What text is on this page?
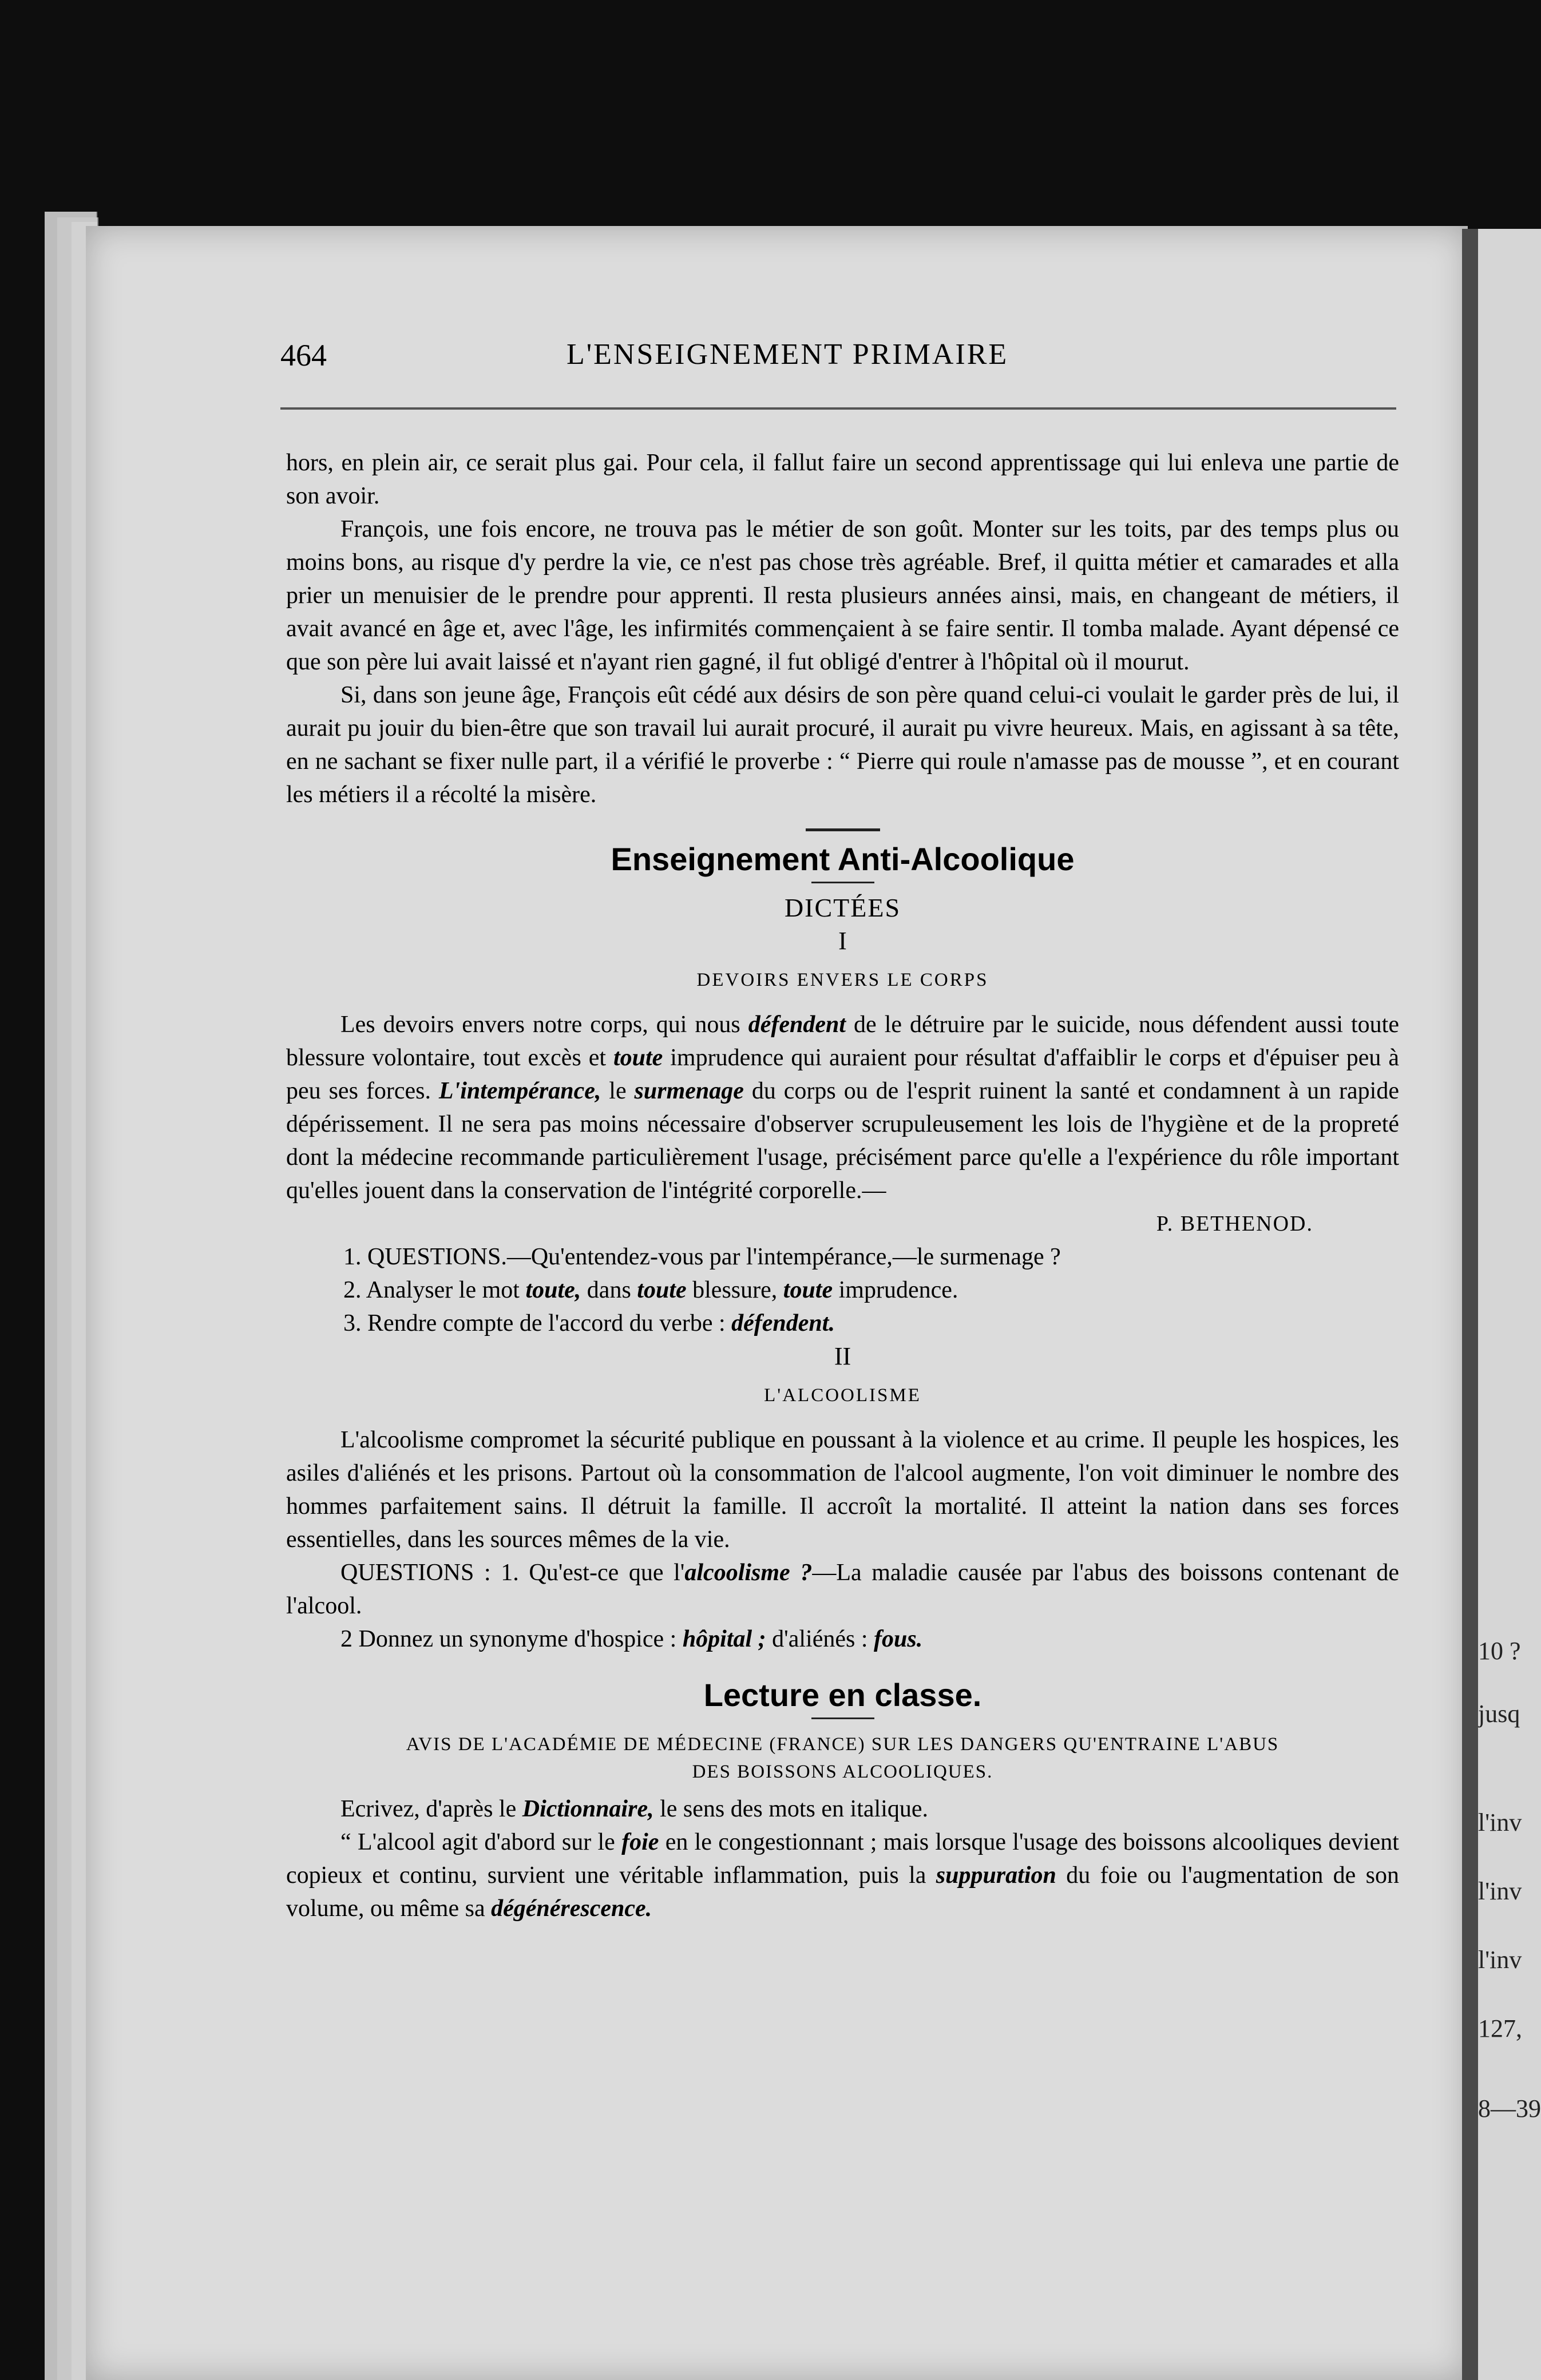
10 ?
jusq
l'inv
l'inv
l'inv
127,
8—39
464	L'ENSEIGNEMENT PRIMAIRE

hors, en plein air, ce serait plus gai. Pour cela, il fallut faire un second apprentissage qui lui enleva une partie de son avoir.

François, une fois encore, ne trouva pas le métier de son goût. Monter sur les toits, par des temps plus ou moins bons, au risque d'y perdre la vie, ce n'est pas chose très agréable. Bref, il quitta métier et camarades et alla prier un menuisier de le prendre pour apprenti. Il resta plusieurs années ainsi, mais, en changeant de métiers, il avait avancé en âge et, avec l'âge, les infirmités commençaient à se faire sentir. Il tomba malade. Ayant dépensé ce que son père lui avait laissé et n'ayant rien gagné, il fut obligé d'entrer à l'hôpital où il mourut.

Si, dans son jeune âge, François eût cédé aux désirs de son père quand celui-ci voulait le garder près de lui, il aurait pu jouir du bien-être que son travail lui aurait procuré, il aurait pu vivre heureux. Mais, en agissant à sa tête, en ne sachant se fixer nulle part, il a vérifié le proverbe : “ Pierre qui roule n'amasse pas de mousse ”, et en courant les métiers il a récolté la misère.

Enseignement Anti-Alcoolique
DICTÉES
I
DEVOIRS ENVERS LE CORPS

Les devoirs envers notre corps, qui nous défendent de le détruire par le suicide, nous défendent aussi toute blessure volontaire, tout excès et toute imprudence qui auraient pour résultat d'affaiblir le corps et d'épuiser peu à peu ses forces. L'intempérance, le surmenage du corps ou de l'esprit ruinent la santé et condamnent à un rapide dépérissement. Il ne sera pas moins nécessaire d'observer scrupuleusement les lois de l'hygiène et de la propreté dont la médecine recommande particulièrement l'usage, précisément parce qu'elle a l'expérience du rôle important qu'elles jouent dans la conservation de l'intégrité corporelle.—

P. BETHENOD.

1. QUESTIONS.—Qu'entendez-vous par l'intempérance,—le surmenage ?

2. Analyser le mot toute, dans toute blessure, toute imprudence.

3. Rendre compte de l'accord du verbe : défendent.

II
L'ALCOOLISME

L'alcoolisme compromet la sécurité publique en poussant à la violence et au crime. Il peuple les hospices, les asiles d'aliénés et les prisons. Partout où la consommation de l'alcool augmente, l'on voit diminuer le nombre des hommes parfaitement sains. Il détruit la famille. Il accroît la mortalité. Il atteint la nation dans ses forces essentielles, dans les sources mêmes de la vie.

QUESTIONS : 1. Qu'est-ce que l'alcoolisme ?—La maladie causée par l'abus des boissons contenant de l'alcool.

2 Donnez un synonyme d'hospice : hôpital ; d'aliénés : fous.

Lecture en classe.
AVIS DE L'ACADÉMIE DE MÉDECINE (FRANCE) SUR LES DANGERS QU'ENTRAINE L'ABUS
DES BOISSONS ALCOOLIQUES.

Ecrivez, d'après le Dictionnaire, le sens des mots en italique.

“ L'alcool agit d'abord sur le foie en le congestionnant ; mais lorsque l'usage des boissons alcooliques devient copieux et continu, survient une véritable inflammation, puis la suppuration du foie ou l'augmentation de son volume, ou même sa dégénérescence.
